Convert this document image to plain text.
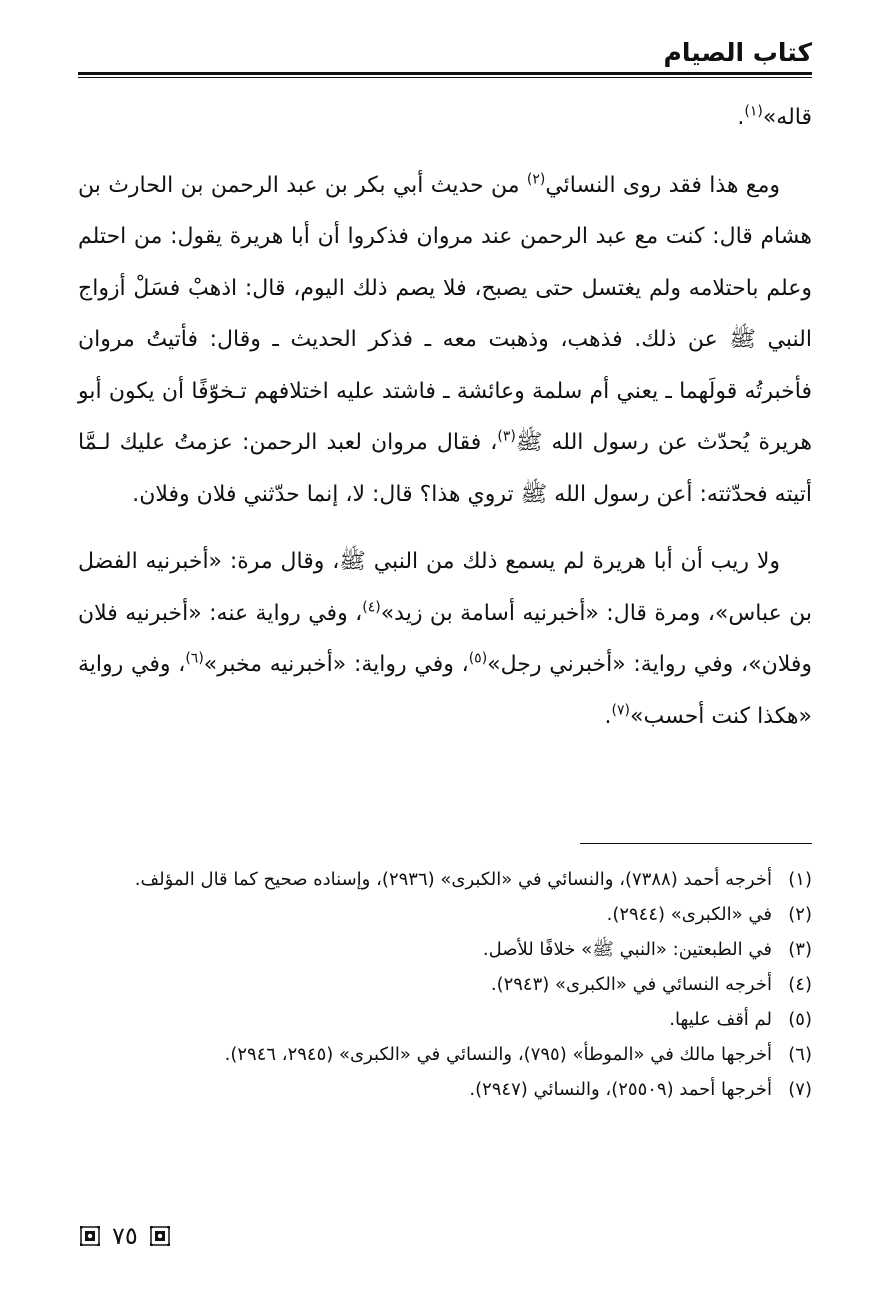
كتاب الصيام

قاله»$^{(١)}$.

ومع هذا فقد روى النسائي$^{(٢)}$ من حديث أبي بكر بن عبد الرحمن بن الحارث بن هشام قال: كنت مع عبد الرحمن عند مروان فذكروا أن أبا هريرة يقول: من احتلم وعلم باحتلامه ولم يغتسل حتى يصبح، فلا يصم ذلك اليوم، قال: اذهبْ فسَلْ أزواج النبي ﷺ عن ذلك. فذهب، وذهبت معه ـ فذكر الحديث ـ وقال: فأتيتُ مروان فأخبرتُه قولَهما ـ يعني أم سلمة وعائشة ـ فاشتد عليه اختلافهم تـخوّفًا أن يكون أبو هريرة يُحدّث عن رسول الله ﷺ$^{(٣)}$، فقال مروان لعبد الرحمن: عزمتُ عليك لـمَّا أتيته فحدّثته: أعن رسول الله ﷺ تروي هذا؟ قال: لا، إنما حدّثني فلان وفلان.

ولا ريب أن أبا هريرة لم يسمع ذلك من النبي ﷺ، وقال مرة: «أخبرنيه الفضل بن عباس»، ومرة قال: «أخبرنيه أسامة بن زيد»$^{(٤)}$، وفي رواية عنه: «أخبرنيه فلان وفلان»، وفي رواية: «أخبرني رجل»$^{(٥)}$، وفي رواية: «أخبرنيه مخبر»$^{(٦)}$، وفي رواية «هكذا كنت أحسب»$^{(٧)}$.

(١)
أخرجه أحمد (٧٣٨٨)، والنسائي في «الكبرى» (٢٩٣٦)، وإسناده صحيح كما قال المؤلف.
(٢)
في «الكبرى» (٢٩٤٤).
(٣)
في الطبعتين: «النبي ﷺ» خلافًا للأصل.
(٤)
أخرجه النسائي في «الكبرى» (٢٩٤٣).
(٥)
لم أقف عليها.
(٦)
أخرجها مالك في «الموطأ» (٧٩٥)، والنسائي في «الكبرى» (٢٩٤٥، ٢٩٤٦).
(٧)
أخرجها أحمد (٢٥٥٠٩)، والنسائي (٢٩٤٧).
٧٥
